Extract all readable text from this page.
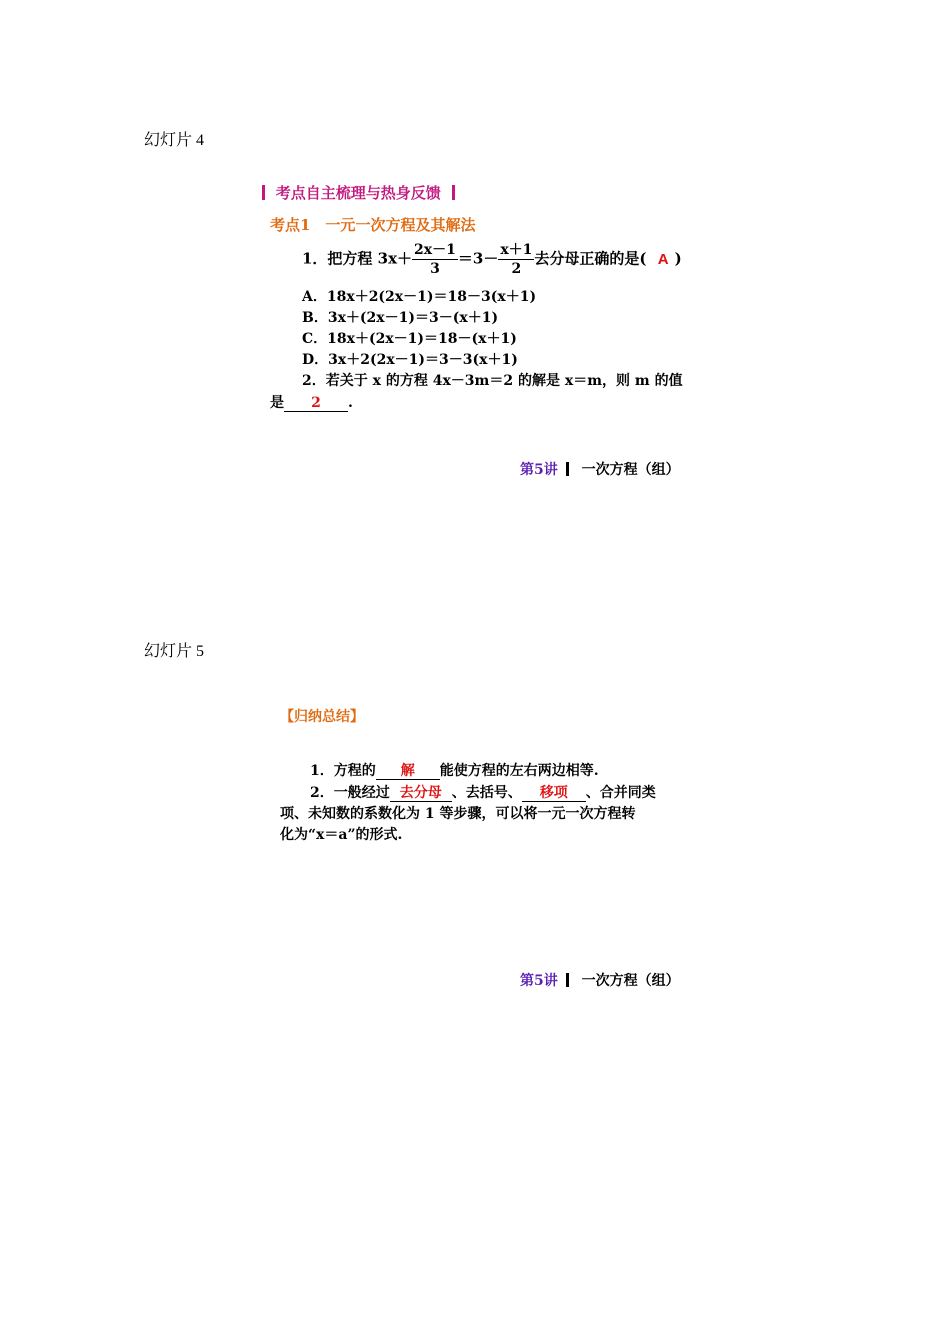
幻灯片 4
考点自主梳理与热身反馈
考点1　一元一次方程及其解法
1．把方程 $3x+ \frac{2x-1}{3} =3- \frac{x+1}{2}$ 去分母正确的是( A )
A．18x＋2(2x－1)＝18－3(x＋1)
B．3x＋(2x－1)＝3－(x＋1)
C．18x＋(2x－1)＝18－(x＋1)
D．3x＋2(2x－1)＝3－3(x＋1)
2．若关于 x 的方程 4x－3m＝2 的解是 x＝m，则 m 的值
是 2 .
第5讲 一次方程（组）
幻灯片 5
【归纳总结】
1．方程的 解 能使方程的左右两边相等.
2．一般经过 去分母 、去括号、 移项 、合并同类
项、未知数的系数化为 1 等步骤，可以将一元一次方程转
化为“x＝a”的形式.
第5讲 一次方程（组）
